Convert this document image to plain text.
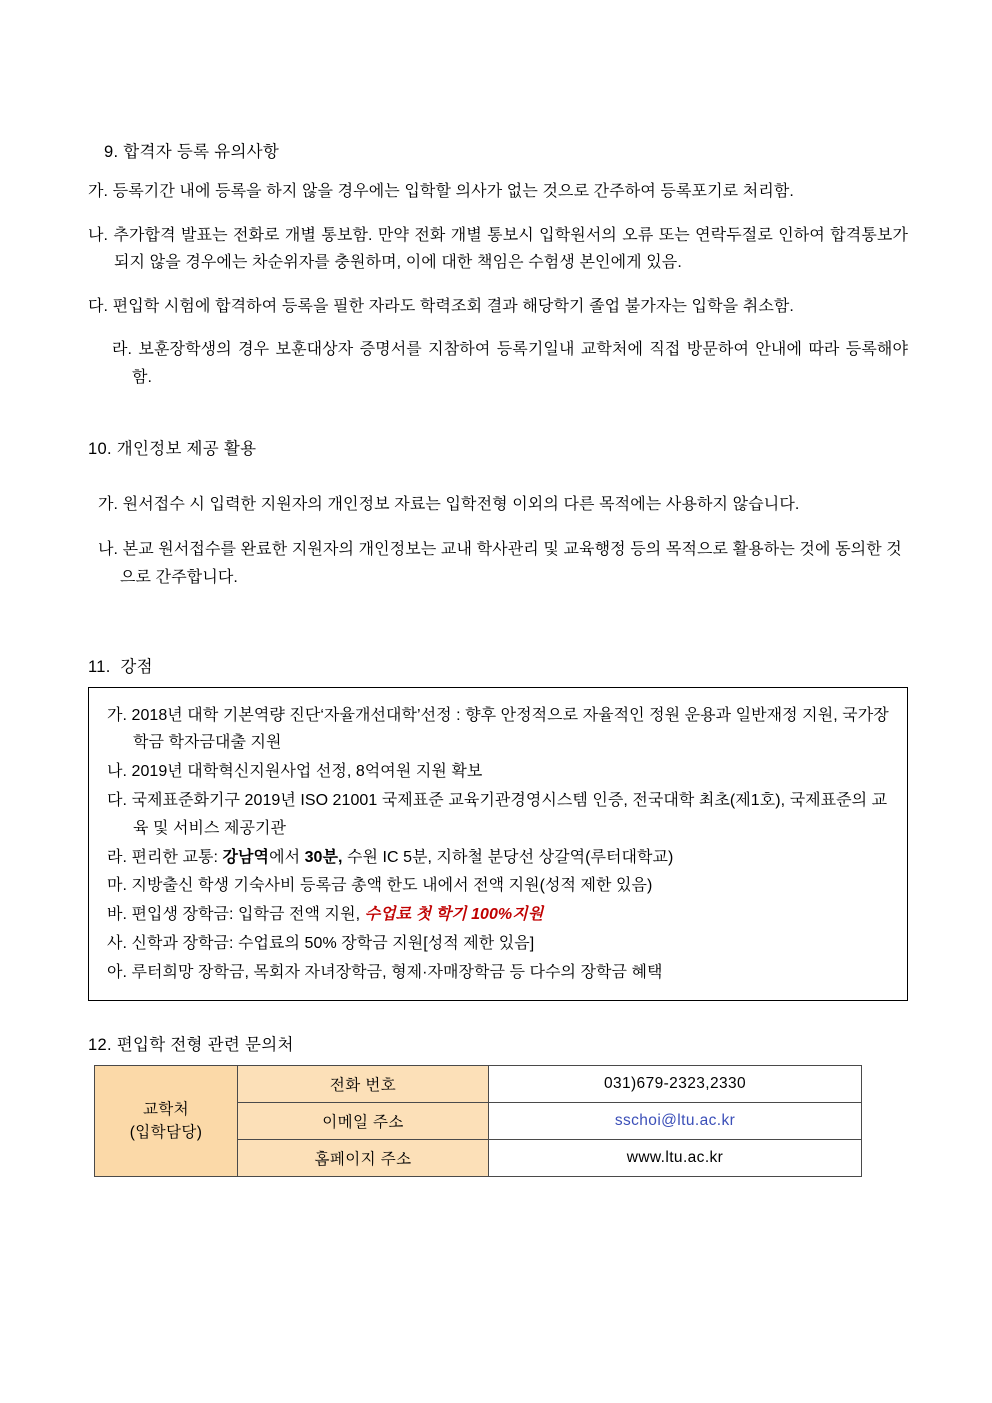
9. 합격자 등록 유의사항

가. 등록기간 내에 등록을 하지 않을 경우에는 입학할 의사가 없는 것으로 간주하여 등록포기로 처리함.

나. 추가합격 발표는 전화로 개별 통보함. 만약 전화 개별 통보시 입학원서의 오류 또는 연락두절로 인하여 합격통보가 되지 않을 경우에는 차순위자를 충원하며, 이에 대한 책임은 수험생 본인에게 있음.

다. 편입학 시험에 합격하여 등록을 필한 자라도 학력조회 결과 해당학기 졸업 불가자는 입학을 취소함.

라. 보훈장학생의 경우 보훈대상자 증명서를 지참하여 등록기일내 교학처에 직접 방문하여 안내에 따라 등록해야 함.

10. 개인정보 제공 활용

가. 원서접수 시 입력한 지원자의 개인정보 자료는 입학전형 이외의 다른 목적에는 사용하지 않습니다.

나. 본교 원서접수를 완료한 지원자의 개인정보는 교내 학사관리 및 교육행정 등의 목적으로 활용하는 것에 동의한 것으로 간주합니다.

11.  강점

가. 2018년 대학 기본역량 진단‘자율개선대학’선정 : 향후 안정적으로 자율적인 정원 운용과 일반재정 지원, 국가장학금 학자금대출 지원

나. 2019년 대학혁신지원사업 선정, 8억여원 지원 확보

다. 국제표준화기구 2019년 ISO 21001 국제표준 교육기관경영시스템 인증, 전국대학 최초(제1호), 국제표준의 교육 및 서비스 제공기관

라. 편리한 교통: 강남역에서 30분, 수원 IC 5분, 지하철 분당선 상갈역(루터대학교)

마. 지방출신 학생 기숙사비 등록금 총액 한도 내에서 전액 지원(성적 제한 있음)

바. 편입생 장학금: 입학금 전액 지원, 수업료 첫 학기 100%지원

사. 신학과 장학금: 수업료의 50% 장학금 지원[성적 제한 있음]

아. 루터희망 장학금, 목회자 자녀장학금, 형제·자매장학금 등 다수의 장학금 혜택

12. 편입학 전형 관련 문의처
교학처
(입학담당)	전화 번호	031)679-2323,2330
	이메일 주소	sschoi@ltu.ac.kr
	홈페이지 주소	www.ltu.ac.kr
